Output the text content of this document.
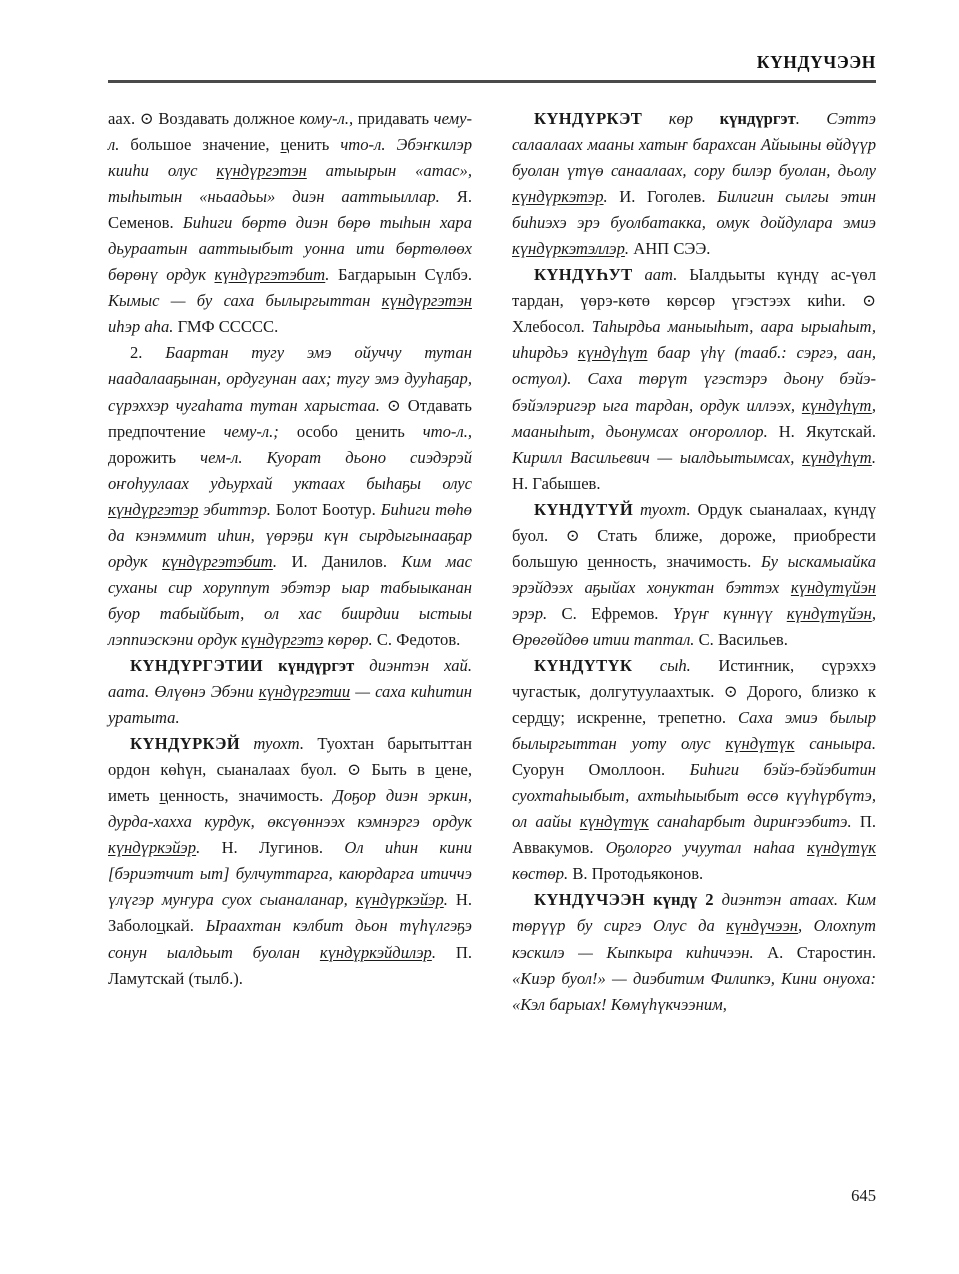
КҮНДҮЧЭЭН

аах. ⊙ Воздавать должное кому-л., придавать чему-л. большое значение, ценить что-л. Эбэҥкилэр кииһи олус күндүргэтэн атыырын «атас», тыһытын «ньаадьы» диэн ааттыыллар. Я. Семенов. Биһиги бөртө диэн бөрө тыһын хара дьураатын ааттыыбыт уонна ити бөртөлөөх бөрөнү ордук күндүргэтэбит. Багдарыын Сүлбэ. Кымыс — бу саха былыргыттан күндүргэтэн иһэр аһа. ГМФ СССCC.

2. Баартан тугу эмэ ойуччу тутан наадалааҕынан, ордугунан аах; тугу эмэ дууһаҕар, сүрэххэр чугаһата тутан харыстаа. ⊙ Отдавать предпочтение чему-л.; особо ценить что-л., дорожить чем-л. Куорат дьоно сиэдэрэй оҥоһуулаах удьурхай уктаах быһаҕы олус күндүргэтэр эбиттэр. Болот Боотур. Биһиги төһө да кэнэммит иһин, үөрэҕи күн сырдыгынааҕар ордук күндүргэтэбит. И. Данилов. Ким мас суханы сир хоруппут эбэтэр ыар табыыканан буор табыйбыт, ол хас биирдии ыстыы лэппиэскэни ордук күндүргэтэ көрөр. С. Федотов.

КҮНДҮРГЭТИИ күндүргэт диэнтэн хай. аата. Өлүөнэ Эбэни күндүргэтии — саха киһитин уратыта.

КҮНДҮРКЭЙ туохт. Туохтан барытыттан ордон көһүн, сыаналаах буол. ⊙ Быть в цене, иметь ценность, значимость. Доҕор диэн эркин, дурда-хахха курдук, өксүөннээх кэмнэргэ ордук күндүркэйэр. Н. Лугинов. Ол иһин кини [бэриэтчит ыт] булчуттарга, каюрдарга итиччэ үлүгэр муҥура суох сыаналанар, күндүркэйэр. Н. Заболоцкай. Ыраахтан кэлбит дьон түһүлгэҕэ сонун ыалдьыт буолан күндүркэйдилэр. П. Ламутскай (тылб.).

КҮНДҮРКЭТ көр күндүргэт. Сэттэ салаалаах мааны хатыҥ барахсан Айыыны өйдүүр буолан үтүө санаалаах, сору билэр буолан, дьолу күндүркэтэр. И. Гоголев. Билигин сылгы этин биһиэхэ эрэ буолбатакка, омук дойдулара эмиэ күндүркэтэллэр. АНП СЭЭ.

КҮНДҮҺУТ аат. Ыалдьыты күндү ас-үөл тардан, үөрэ-көтө көрсөр үгэстээх киһи. ⊙ Хлебосол. Таһырдьа маныыһыт, аара ырыаһыт, иһирдьэ күндүһүт баар үһү (тааб.: сэргэ, аан, остуол). Саха төрүт үгэстэрэ дьону бэйэ-бэйэлэригэр ыга тардан, ордук иллээх, күндүһүт, мааныһыт, дьонумсах оҥороллор. Н. Якутскай. Кирилл Васильевич — ыалдьытымсах, күндүһүт. Н. Габышев.

КҮНДҮТҮЙ туохт. Ордук сыаналаах, күндү буол. ⊙ Стать ближе, дороже, приобрести большую ценность, значимость. Бу ыскамыайка эрэйдээх аҕыйах хонуктан бэттэх күндүтүйэн эрэр. С. Ефремов. Үрүҥ күннүү күндүтүйэн, Өрөгөйдөө итии таптал. С. Васильев.

КҮНДҮТҮК сыһ. Истиҥник, сүрэххэ чугастык, долгутуулаахтык. ⊙ Дорого, близко к сердцу; искренне, трепетно. Саха эмиэ былыр былыргыттан уоту олус күндүтүк саныыра. Суорун Омоллоон. Биһиги бэйэ-бэйэбитин суохтаһыыбыт, ахтыһыыбыт өссө күүһүрбүтэ, ол аайы күндүтүк санаһарбыт дириҥээбитэ. П. Аввакумов. Оҕолорго учуутал наһаа күндүтүк көстөр. В. Протодьяконов.

КҮНДҮЧЭЭН күндү 2 диэнтэн атаах. Ким төрүүр бу сиргэ Олус да күндүчээн, Олохпут кэскилэ — Кыпкыра киһичээн. А. Старостин. «Киэр буол!» — диэбитим Филипкэ, Кини онуоха: «Кэл барыах! Көмүһүкчээним,

645
